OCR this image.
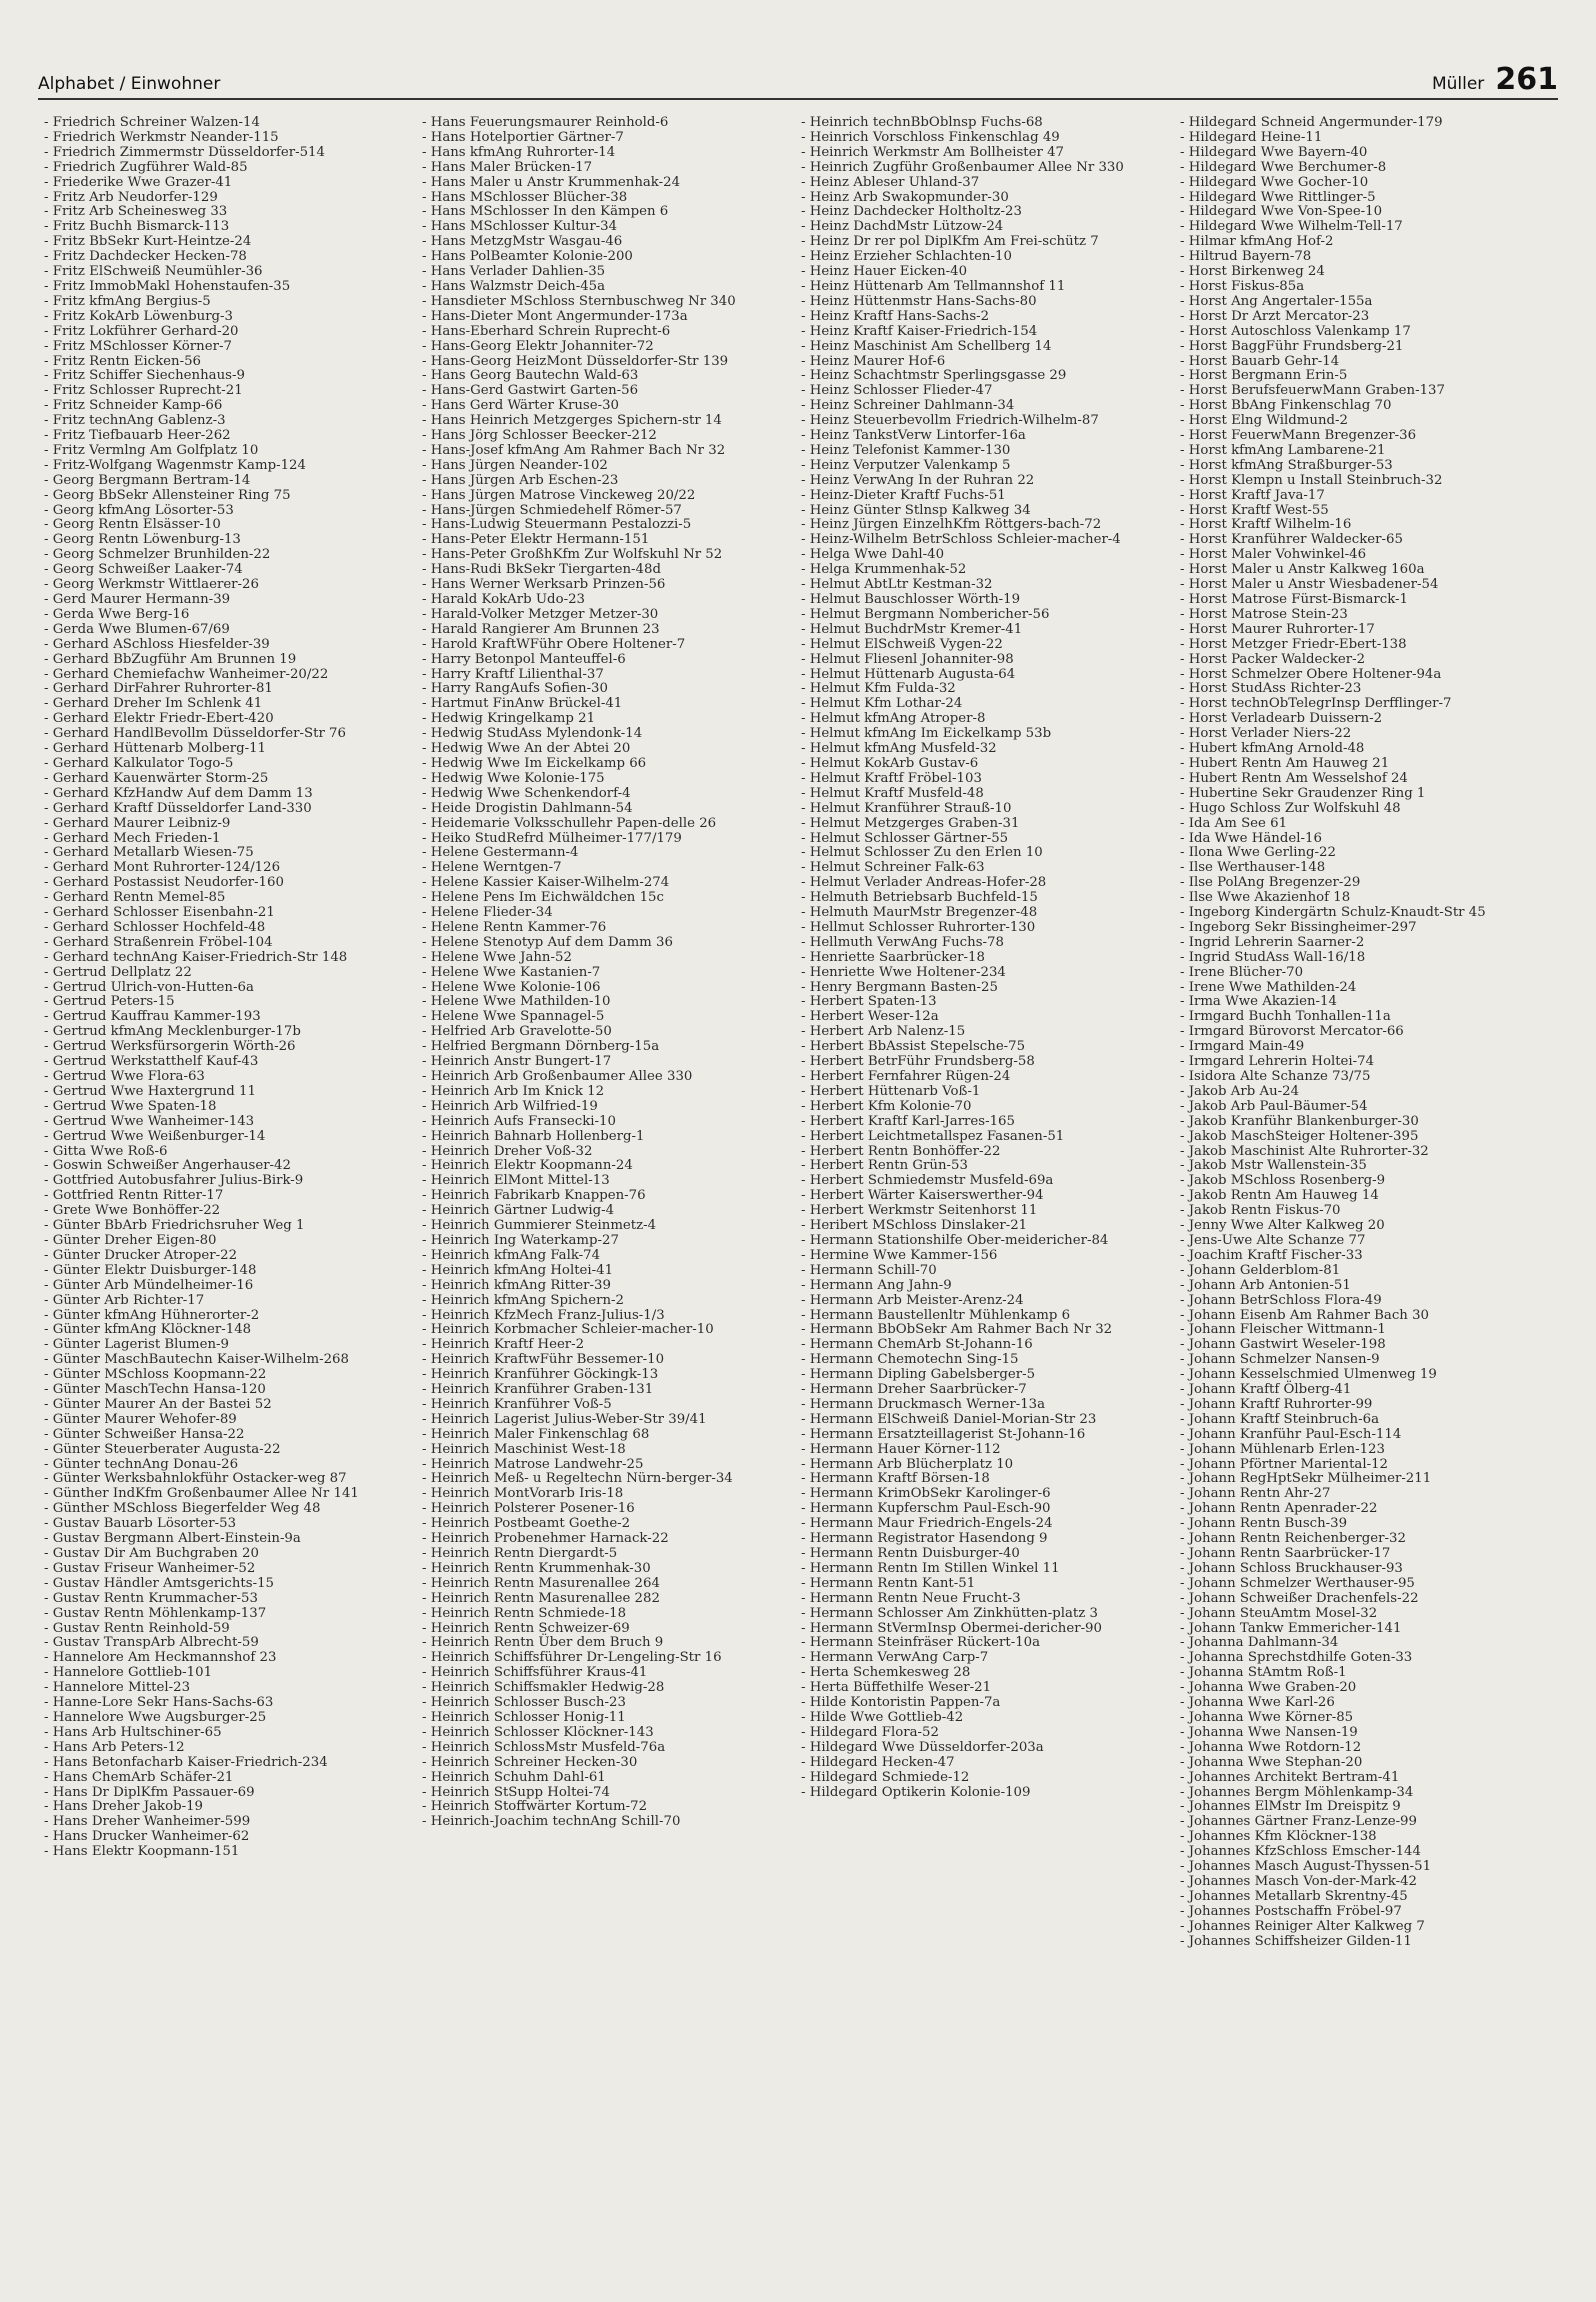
Alphabet / Einwohner	Müller 261
- Friedrich Schreiner Walzen-14
- Friedrich Werkmstr Neander-115
- Friedrich Zimmermstr Düsseldorfer-514
- Friedrich Zugführer Wald-85
- Friederike Wwe Grazer-41
- Fritz Arb Neudorfer-129
- Fritz Arb Scheinesweg 33
- Fritz Buchh Bismarck-113
- Fritz BbSekr Kurt-Heintze-24
- Fritz Dachdecker Hecken-78
- Fritz ElSchweiß Neumühler-36
- Fritz ImmobMakl Hohenstaufen-35
- Fritz kfmAng Bergius-5
- Fritz KokArb Löwenburg-3
- Fritz Lokführer Gerhard-20
- Fritz MSchlosser Körner-7
- Fritz Rentn Eicken-56
- Fritz Schiffer Siechenhaus-9
- Fritz Schlosser Ruprecht-21
- Fritz Schneider Kamp-66
- Fritz technAng Gablenz-3
- Fritz Tiefbauarb Heer-262
- Fritz Vermlng Am Golfplatz 10
- Fritz-Wolfgang Wagenmstr Kamp-124
- Georg Bergmann Bertram-14
- Georg BbSekr Allensteiner Ring 75
- Georg kfmAng Lösorter-53
- Georg Rentn Elsässer-10
- Georg Rentn Löwenburg-13
- Georg Schmelzer Brunhilden-22
- Georg Schweißer Laaker-74
- Georg Werkmstr Wittlaerer-26
- Gerd Maurer Hermann-39
- Gerda Wwe Berg-16
- Gerda Wwe Blumen-67/69
- Gerhard ASchloss Hiesfelder-39
- Gerhard BbZugführ Am Brunnen 19
- Gerhard Chemiefachw Wanheimer-20/22
- Gerhard DirFahrer Ruhrorter-81
- Gerhard Dreher Im Schlenk 41
- Gerhard Elektr Friedr-Ebert-420
- Gerhard HandlBevollm Düsseldorfer-Str 76
- Gerhard Hüttenarb Molberg-11
- Gerhard Kalkulator Togo-5
- Gerhard Kauenwärter Storm-25
- Gerhard KfzHandw Auf dem Damm 13
- Gerhard Kraftf Düsseldorfer Land-330
- Gerhard Maurer Leibniz-9
- Gerhard Mech Frieden-1
- Gerhard Metallarb Wiesen-75
- Gerhard Mont Ruhrorter-124/126
- Gerhard Postassist Neudorfer-160
- Gerhard Rentn Memel-85
- Gerhard Schlosser Eisenbahn-21
- Gerhard Schlosser Hochfeld-48
- Gerhard Straßenrein Fröbel-104
- Gerhard technAng Kaiser-Friedrich-Str 148
- Gertrud Dellplatz 22
- Gertrud Ulrich-von-Hutten-6a
- Gertrud Peters-15
- Gertrud Kauffrau Kammer-193
- Gertrud kfmAng Mecklenburger-17b
- Gertrud Werksfürsorgerin Wörth-26
- Gertrud Werkstatthelf Kauf-43
- Gertrud Wwe Flora-63
- Gertrud Wwe Haxtergrund 11
- Gertrud Wwe Spaten-18
- Gertrud Wwe Wanheimer-143
- Gertrud Wwe Weißenburger-14
- Gitta Wwe Roß-6
- Goswin Schweißer Angerhauser-42
- Gottfried Autobusfahrer Julius-Birk-9
- Gottfried Rentn Ritter-17
- Grete Wwe Bonhöffer-22
- Günter BbArb Friedrichsruher Weg 1
- Günter Dreher Eigen-80
- Günter Drucker Atroper-22
- Günter Elektr Duisburger-148
- Günter Arb Mündelheimer-16
- Günter Arb Richter-17
- Günter kfmAng Hühnerorter-2
- Günter kfmAng Klöckner-148
- Günter Lagerist Blumen-9
- Günter MaschBautechn Kaiser-Wilhelm-268
- Günter MSchloss Koopmann-22
- Günter MaschTechn Hansa-120
- Günter Maurer An der Bastei 52
- Günter Maurer Wehofer-89
- Günter Schweißer Hansa-22
- Günter Steuerberater Augusta-22
- Günter technAng Donau-26
- Günter Werksbahnlokführ Ostacker-weg 87
- Günther IndKfm Großenbaumer Allee Nr 141
- Günther MSchloss Biegerfelder Weg 48
- Gustav Bauarb Lösorter-53
- Gustav Bergmann Albert-Einstein-9a
- Gustav Dir Am Buchgraben 20
- Gustav Friseur Wanheimer-52
- Gustav Händler Amtsgerichts-15
- Gustav Rentn Krummacher-53
- Gustav Rentn Möhlenkamp-137
- Gustav Rentn Reinhold-59
- Gustav TranspArb Albrecht-59
- Hannelore Am Heckmannshof 23
- Hannelore Gottlieb-101
- Hannelore Mittel-23
- Hanne-Lore Sekr Hans-Sachs-63
- Hannelore Wwe Augsburger-25
- Hans Arb Hultschiner-65
- Hans Arb Peters-12
- Hans Betonfacharb Kaiser-Friedrich-234
- Hans ChemArb Schäfer-21
- Hans Dr DiplKfm Passauer-69
- Hans Dreher Jakob-19
- Hans Dreher Wanheimer-599
- Hans Drucker Wanheimer-62
- Hans Elektr Koopmann-151
- Hans Feuerungsmaurer Reinhold-6
- Hans Hotelportier Gärtner-7
- Hans kfmAng Ruhrorter-14
- Hans Maler Brücken-17
- Hans Maler u Anstr Krummenhak-24
- Hans MSchlosser Blücher-38
- Hans MSchlosser In den Kämpen 6
- Hans MSchlosser Kultur-34
- Hans MetzgMstr Wasgau-46
- Hans PolBeamter Kolonie-200
- Hans Verlader Dahlien-35
- Hans Walzmstr Deich-45a
- Hansdieter MSchloss Sternbuschweg Nr 340
- Hans-Dieter Mont Angermunder-173a
- Hans-Eberhard Schrein Ruprecht-6
- Hans-Georg Elektr Johanniter-72
- Hans-Georg HeizMont Düsseldorfer-Str 139
- Hans Georg Bautechn Wald-63
- Hans-Gerd Gastwirt Garten-56
- Hans Gerd Wärter Kruse-30
- Hans Heinrich Metzgerges Spichern-str 14
- Hans Jörg Schlosser Beecker-212
- Hans-Josef kfmAng Am Rahmer Bach Nr 32
- Hans Jürgen Neander-102
- Hans Jürgen Arb Eschen-23
- Hans Jürgen Matrose Vinckeweg 20/22
- Hans-Jürgen Schmiedehelf Römer-57
- Hans-Ludwig Steuermann Pestalozzi-5
- Hans-Peter Elektr Hermann-151
- Hans-Peter GroßhKfm Zur Wolfskuhl Nr 52
- Hans-Rudi BkSekr Tiergarten-48d
- Hans Werner Werksarb Prinzen-56
- Harald KokArb Udo-23
- Harald-Volker Metzger Metzer-30
- Harald Rangierer Am Brunnen 23
- Harold KraftWFühr Obere Holtener-7
- Harry Betonpol Manteuffel-6
- Harry Kraftf Lilienthal-37
- Harry RangAufs Sofien-30
- Hartmut FinAnw Brückel-41
- Hedwig Kringelkamp 21
- Hedwig StudAss Mylendonk-14
- Hedwig Wwe An der Abtei 20
- Hedwig Wwe Im Eickelkamp 66
- Hedwig Wwe Kolonie-175
- Hedwig Wwe Schenkendorf-4
- Heide Drogistin Dahlmann-54
- Heidemarie Volksschullehr Papen-delle 26
- Heiko StudRefrd Mülheimer-177/179
- Helene Gestermann-4
- Helene Werntgen-7
- Helene Kassier Kaiser-Wilhelm-274
- Helene Pens Im Eichwäldchen 15c
- Helene Flieder-34
- Helene Rentn Kammer-76
- Helene Stenotyp Auf dem Damm 36
- Helene Wwe Jahn-52
- Helene Wwe Kastanien-7
- Helene Wwe Kolonie-106
- Helene Wwe Mathilden-10
- Helene Wwe Spannagel-5
- Helfried Arb Gravelotte-50
- Helfried Bergmann Dörnberg-15a
- Heinrich Anstr Bungert-17
- Heinrich Arb Großenbaumer Allee 330
- Heinrich Arb Im Knick 12
- Heinrich Arb Wilfried-19
- Heinrich Aufs Fransecki-10
- Heinrich Bahnarb Hollenberg-1
- Heinrich Dreher Voß-32
- Heinrich Elektr Koopmann-24
- Heinrich ElMont Mittel-13
- Heinrich Fabrikarb Knappen-76
- Heinrich Gärtner Ludwig-4
- Heinrich Gummierer Steinmetz-4
- Heinrich Ing Waterkamp-27
- Heinrich kfmAng Falk-74
- Heinrich kfmAng Holtei-41
- Heinrich kfmAng Ritter-39
- Heinrich kfmAng Spichern-2
- Heinrich KfzMech Franz-Julius-1/3
- Heinrich Korbmacher Schleier-macher-10
- Heinrich Kraftf Heer-2
- Heinrich KraftwFühr Bessemer-10
- Heinrich Kranführer Göckingk-13
- Heinrich Kranführer Graben-131
- Heinrich Kranführer Voß-5
- Heinrich Lagerist Julius-Weber-Str 39/41
- Heinrich Maler Finkenschlag 68
- Heinrich Maschinist West-18
- Heinrich Matrose Landwehr-25
- Heinrich Meß- u Regeltechn Nürn-berger-34
- Heinrich MontVorarb Iris-18
- Heinrich Polsterer Posener-16
- Heinrich Postbeamt Goethe-2
- Heinrich Probenehmer Harnack-22
- Heinrich Rentn Diergardt-5
- Heinrich Rentn Krummenhak-30
- Heinrich Rentn Masurenallee 264
- Heinrich Rentn Masurenallee 282
- Heinrich Rentn Schmiede-18
- Heinrich Rentn Schweizer-69
- Heinrich Rentn Über dem Bruch 9
- Heinrich Schiffsführer Dr-Lengeling-Str 16
- Heinrich Schiffsführer Kraus-41
- Heinrich Schiffsmakler Hedwig-28
- Heinrich Schlosser Busch-23
- Heinrich Schlosser Honig-11
- Heinrich Schlosser Klöckner-143
- Heinrich SchlossMstr Musfeld-76a
- Heinrich Schreiner Hecken-30
- Heinrich Schuhm Dahl-61
- Heinrich StSupp Holtei-74
- Heinrich Stoffwärter Kortum-72
- Heinrich-Joachim technAng Schill-70
- Heinrich technBbOblnsp Fuchs-68
- Heinrich Vorschloss Finkenschlag 49
- Heinrich Werkmstr Am Bollheister 47
- Heinrich Zugführ Großenbaumer Allee Nr 330
- Heinz Ableser Uhland-37
- Heinz Arb Swakopmunder-30
- Heinz Dachdecker Holtholtz-23
- Heinz DachdMstr Lützow-24
- Heinz Dr rer pol DiplKfm Am Frei-schütz 7
- Heinz Erzieher Schlachten-10
- Heinz Hauer Eicken-40
- Heinz Hüttenarb Am Tellmannshof 11
- Heinz Hüttenmstr Hans-Sachs-80
- Heinz Kraftf Hans-Sachs-2
- Heinz Kraftf Kaiser-Friedrich-154
- Heinz Maschinist Am Schellberg 14
- Heinz Maurer Hof-6
- Heinz Schachtmstr Sperlingsgasse 29
- Heinz Schlosser Flieder-47
- Heinz Schreiner Dahlmann-34
- Heinz Steuerbevollm Friedrich-Wilhelm-87
- Heinz TankstVerw Lintorfer-16a
- Heinz Telefonist Kammer-130
- Heinz Verputzer Valenkamp 5
- Heinz VerwAng In der Ruhran 22
- Heinz-Dieter Kraftf Fuchs-51
- Heinz Günter Stlnsp Kalkweg 34
- Heinz Jürgen EinzelhKfm Röttgers-bach-72
- Heinz-Wilhelm BetrSchloss Schleier-macher-4
- Helga Wwe Dahl-40
- Helga Krummenhak-52
- Helmut AbtLtr Kestman-32
- Helmut Bauschlosser Wörth-19
- Helmut Bergmann Nombericher-56
- Helmut BuchdrMstr Kremer-41
- Helmut ElSchweiß Vygen-22
- Helmut Fliesenl Johanniter-98
- Helmut Hüttenarb Augusta-64
- Helmut Kfm Fulda-32
- Helmut Kfm Lothar-24
- Helmut kfmAng Atroper-8
- Helmut kfmAng Im Eickelkamp 53b
- Helmut kfmAng Musfeld-32
- Helmut KokArb Gustav-6
- Helmut Kraftf Fröbel-103
- Helmut Kraftf Musfeld-48
- Helmut Kranführer Strauß-10
- Helmut Metzgerges Graben-31
- Helmut Schlosser Gärtner-55
- Helmut Schlosser Zu den Erlen 10
- Helmut Schreiner Falk-63
- Helmut Verlader Andreas-Hofer-28
- Helmuth Betriebsarb Buchfeld-15
- Helmuth MaurMstr Bregenzer-48
- Hellmut Schlosser Ruhrorter-130
- Hellmuth VerwAng Fuchs-78
- Henriette Saarbrücker-18
- Henriette Wwe Holtener-234
- Henry Bergmann Basten-25
- Herbert Spaten-13
- Herbert Weser-12a
- Herbert Arb Nalenz-15
- Herbert BbAssist Stepelsche-75
- Herbert BetrFühr Frundsberg-58
- Herbert Fernfahrer Rügen-24
- Herbert Hüttenarb Voß-1
- Herbert Kfm Kolonie-70
- Herbert Kraftf Karl-Jarres-165
- Herbert Leichtmetallspez Fasanen-51
- Herbert Rentn Bonhöffer-22
- Herbert Rentn Grün-53
- Herbert Schmiedemstr Musfeld-69a
- Herbert Wärter Kaiserswerther-94
- Herbert Werkmstr Seitenhorst 11
- Heribert MSchloss Dinslaker-21
- Hermann Stationshilfe Ober-meidericher-84
- Hermine Wwe Kammer-156
- Hermann Schill-70
- Hermann Ang Jahn-9
- Hermann Arb Meister-Arenz-24
- Hermann Baustellenltr Mühlenkamp 6
- Hermann BbObSekr Am Rahmer Bach Nr 32
- Hermann ChemArb St-Johann-16
- Hermann Chemotechn Sing-15
- Hermann Dipling Gabelsberger-5
- Hermann Dreher Saarbrücker-7
- Hermann Druckmasch Werner-13a
- Hermann ElSchweiß Daniel-Morian-Str 23
- Hermann Ersatzteillagerist St-Johann-16
- Hermann Hauer Körner-112
- Hermann Arb Blücherplatz 10
- Hermann Kraftf Börsen-18
- Hermann KrimObSekr Karolinger-6
- Hermann Kupferschm Paul-Esch-90
- Hermann Maur Friedrich-Engels-24
- Hermann Registrator Hasendong 9
- Hermann Rentn Duisburger-40
- Hermann Rentn Im Stillen Winkel 11
- Hermann Rentn Kant-51
- Hermann Rentn Neue Frucht-3
- Hermann Schlosser Am Zinkhütten-platz 3
- Hermann StVermInsp Obermei-dericher-90
- Hermann Steinfräser Rückert-10a
- Hermann VerwAng Carp-7
- Herta Schemkesweg 28
- Herta Büffethilfe Weser-21
- Hilde Kontoristin Pappen-7a
- Hilde Wwe Gottlieb-42
- Hildegard Flora-52
- Hildegard Wwe Düsseldorfer-203a
- Hildegard Hecken-47
- Hildegard Schmiede-12
- Hildegard Optikerin Kolonie-109
- Hildegard Schneid Angermunder-179
- Hildegard Heine-11
- Hildegard Wwe Bayern-40
- Hildegard Wwe Berchumer-8
- Hildegard Wwe Gocher-10
- Hildegard Wwe Rittlinger-5
- Hildegard Wwe Von-Spee-10
- Hildegard Wwe Wilhelm-Tell-17
- Hilmar kfmAng Hof-2
- Hiltrud Bayern-78
- Horst Birkenweg 24
- Horst Fiskus-85a
- Horst Ang Angertaler-155a
- Horst Dr Arzt Mercator-23
- Horst Autoschloss Valenkamp 17
- Horst BaggFühr Frundsberg-21
- Horst Bauarb Gehr-14
- Horst Bergmann Erin-5
- Horst BerufsfeuerwMann Graben-137
- Horst BbAng Finkenschlag 70
- Horst Elng Wildmund-2
- Horst FeuerwMann Bregenzer-36
- Horst kfmAng Lambarene-21
- Horst kfmAng Straßburger-53
- Horst Klempn u Install Steinbruch-32
- Horst Kraftf Java-17
- Horst Kraftf West-55
- Horst Kraftf Wilhelm-16
- Horst Kranführer Waldecker-65
- Horst Maler Vohwinkel-46
- Horst Maler u Anstr Kalkweg 160a
- Horst Maler u Anstr Wiesbadener-54
- Horst Matrose Fürst-Bismarck-1
- Horst Matrose Stein-23
- Horst Maurer Ruhrorter-17
- Horst Metzger Friedr-Ebert-138
- Horst Packer Waldecker-2
- Horst Schmelzer Obere Holtener-94a
- Horst StudAss Richter-23
- Horst technObTelegrInsp Derfflinger-7
- Horst Verladearb Duissern-2
- Horst Verlader Niers-22
- Hubert kfmAng Arnold-48
- Hubert Rentn Am Hauweg 21
- Hubert Rentn Am Wesselshof 24
- Hubertine Sekr Graudenzer Ring 1
- Hugo Schloss Zur Wolfskuhl 48
- Ida Am See 61
- Ida Wwe Händel-16
- Ilona Wwe Gerling-22
- Ilse Werthauser-148
- Ilse PolAng Bregenzer-29
- Ilse Wwe Akazienhof 18
- Ingeborg Kindergärtn Schulz-Knaudt-Str 45
- Ingeborg Sekr Bissingheimer-297
- Ingrid Lehrerin Saarner-2
- Ingrid StudAss Wall-16/18
- Irene Blücher-70
- Irene Wwe Mathilden-24
- Irma Wwe Akazien-14
- Irmgard Buchh Tonhallen-11a
- Irmgard Bürovorst Mercator-66
- Irmgard Main-49
- Irmgard Lehrerin Holtei-74
- Isidora Alte Schanze 73/75
- Jakob Arb Au-24
- Jakob Arb Paul-Bäumer-54
- Jakob Kranführ Blankenburger-30
- Jakob MaschSteiger Holtener-395
- Jakob Maschinist Alte Ruhrorter-32
- Jakob Mstr Wallenstein-35
- Jakob MSchloss Rosenberg-9
- Jakob Rentn Am Hauweg 14
- Jakob Rentn Fiskus-70
- Jenny Wwe Alter Kalkweg 20
- Jens-Uwe Alte Schanze 77
- Joachim Kraftf Fischer-33
- Johann Gelderblom-81
- Johann Arb Antonien-51
- Johann BetrSchloss Flora-49
- Johann Eisenb Am Rahmer Bach 30
- Johann Fleischer Wittmann-1
- Johann Gastwirt Weseler-198
- Johann Schmelzer Nansen-9
- Johann Kesselschmied Ulmenweg 19
- Johann Kraftf Ölberg-41
- Johann Kraftf Ruhrorter-99
- Johann Kraftf Steinbruch-6a
- Johann Kranführ Paul-Esch-114
- Johann Mühlenarb Erlen-123
- Johann Pförtner Mariental-12
- Johann RegHptSekr Mülheimer-211
- Johann Rentn Ahr-27
- Johann Rentn Apenrader-22
- Johann Rentn Busch-39
- Johann Rentn Reichenberger-32
- Johann Rentn Saarbrücker-17
- Johann Schloss Bruckhauser-93
- Johann Schmelzer Werthauser-95
- Johann Schweißer Drachenfels-22
- Johann SteuAmtm Mosel-32
- Johann Tankw Emmericher-141
- Johanna Dahlmann-34
- Johanna Sprechstdhilfe Goten-33
- Johanna StAmtm Roß-1
- Johanna Wwe Graben-20
- Johanna Wwe Karl-26
- Johanna Wwe Körner-85
- Johanna Wwe Nansen-19
- Johanna Wwe Rotdorn-12
- Johanna Wwe Stephan-20
- Johannes Architekt Bertram-41
- Johannes Bergm Möhlenkamp-34
- Johannes ElMstr Im Dreispitz 9
- Johannes Gärtner Franz-Lenze-99
- Johannes Kfm Klöckner-138
- Johannes KfzSchloss Emscher-144
- Johannes Masch August-Thyssen-51
- Johannes Masch Von-der-Mark-42
- Johannes Metallarb Skrentny-45
- Johannes Postschaffn Fröbel-97
- Johannes Reiniger Alter Kalkweg 7
- Johannes Schiffsheizer Gilden-11
